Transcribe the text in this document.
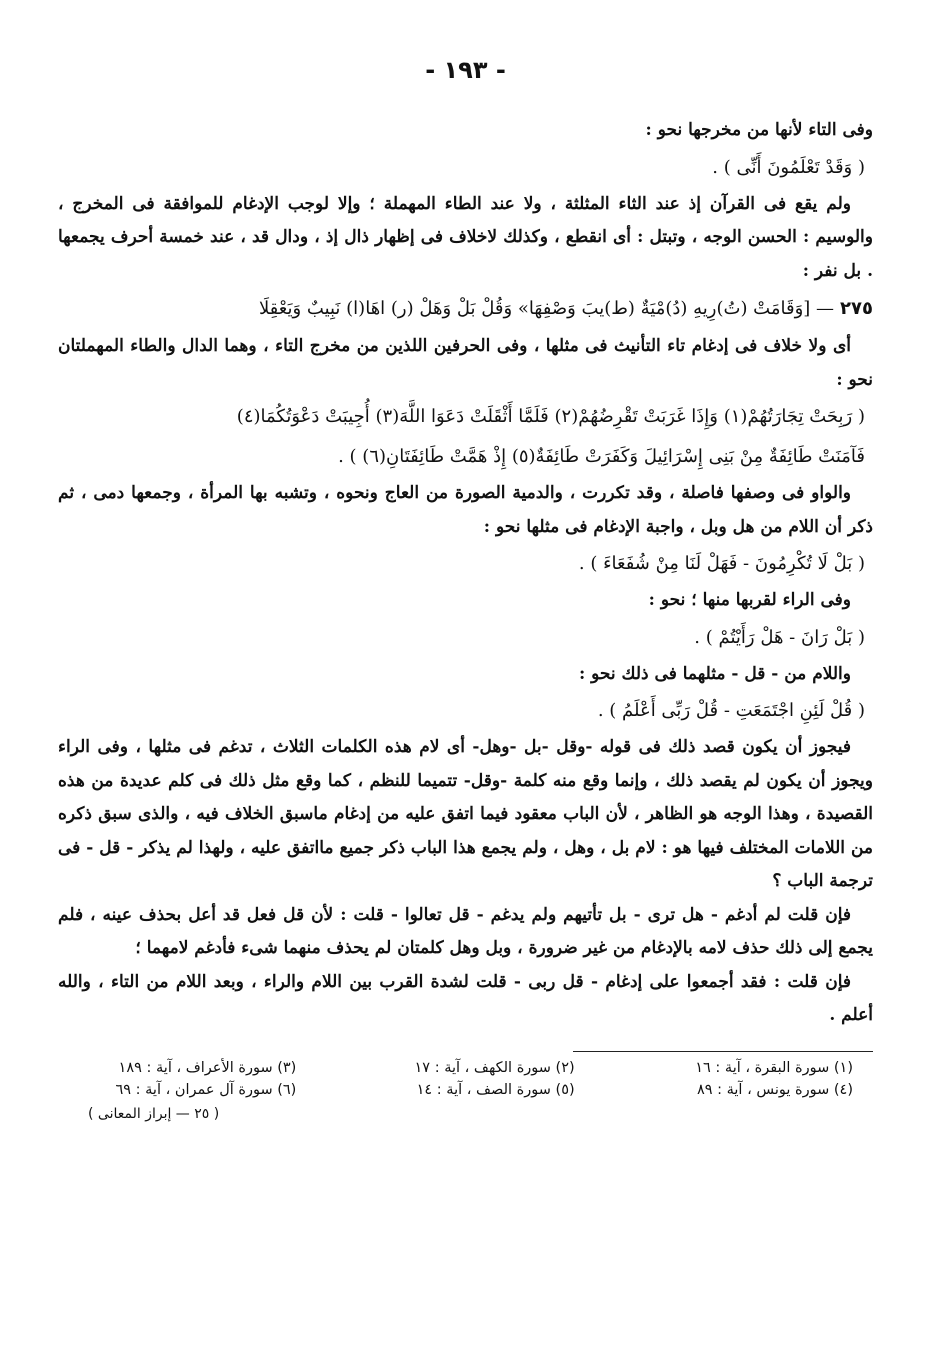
- ١٩٣ -

وفى التاء لأنها من مخرجها نحو :

( وَقَدْ تَعْلَمُونَ أَنِّى ) .

ولم يقع فى القرآن إذ عند الثاء المثلثة ، ولا عند الطاء المهملة ؛ وإلا لوجب الإدغام للموافقة فى المخرج ، والوسيم : الحسن الوجه ، وتبتل : أى انقطع ، وكذلك لاخلاف فى إظهار ذال إذ ، ودال قد ، عند خمسة أحرف يجمعها . بل نفر :

٢٧٥— [وَقَامَتْ (تُ)رِيهِ (دُ)مْيَةٌ (ط)يبَ وَصْفِهَا» وَقُلْ بَلْ وَهَلْ (ر) اهَا(ا) نَبِيبٌ وَيَعْقِلَا

أى ولا خلاف فى إدغام تاء التأنيث فى مثلها ، وفى الحرفين اللذين من مخرج التاء ، وهما الدال والطاء المهملتان نحو :

( رَبِحَتْ تِجَارَتُهُمْ(١) وَإِذَا غَرَبَتْ تَقْرِضُهُمْ(٢) فَلَمَّا أَثْقَلَتْ دَعَوَا اللَّهَ(٣) أُجِيبَتْ دَعْوَتُكُمَا(٤)

فَآمَنَتْ طَائِفَةٌ مِنْ بَنِى إِسْرَائِيلَ وَكَفَرَتْ طَائِفَةٌ(٥) إِذْ هَمَّتْ طَائِفَتَانِ(٦) ) .

والواو فى وصفها فاصلة ، وقد تكررت ، والدمية الصورة من العاج ونحوه ، وتشبه بها المرأة ، وجمعها دمى ، ثم ذكر أن اللام من هل وبل ، واجبة الإدغام فى مثلها نحو :

( بَلْ لَا تُكْرِمُونَ - فَهَلْ لَنَا مِنْ شُفَعَاءَ ) .

وفى الراء لقربها منها ؛ نحو :

( بَلْ رَانَ - هَلْ رَأَيْتُمْ ) .

واللام من - قل - مثلهما فى ذلك نحو :

( قُلْ لَئِنِ اجْتَمَعَتِ - قُلْ رَبِّى أَعْلَمُ ) .

فيجوز أن يكون قصد ذلك فى قوله -وقل -بل -وهل- أى لام هذه الكلمات الثلاث ، تدغم فى مثلها ، وفى الراء ويجوز أن يكون لم يقصد ذلك ، وإنما وقع منه كلمة -وقل- تتميما للنظم ، كما وقع مثل ذلك فى كلم عديدة من هذه القصيدة ، وهذا الوجه هو الظاهر ، لأن الباب معقود فيما اتفق عليه من إدغام ماسبق الخلاف فيه ، والذى سبق ذكره من اللامات المختلف فيها هو : لام بل ، وهل ، ولم يجمع هذا الباب ذكر جميع مااتفق عليه ، ولهذا لم يذكر - قل - فى ترجمة الباب ؟

فإن قلت لم أدغم - هل ترى - بل تأتيهم ولم يدغم - قل تعالوا - قلت : لأن قل فعل قد أعل بحذف عينه ، فلم يجمع إلى ذلك حذف لامه بالإدغام من غير ضرورة ، وبل وهل كلمتان لم يحذف منهما شىء فأدغم لامهما ؛

فإن قلت : فقد أجمعوا على إدغام - قل ربى - قلت لشدة القرب بين اللام والراء ، وبعد اللام من التاء ، والله أعلم .

(١) سورة البقرة ، آية : ١٦
(٢) سورة الكهف ، آية : ١٧
(٣) سورة الأعراف ، آية : ١٨٩
(٤) سورة يونس ، آية : ٨٩
(٥) سورة الصف ، آية : ١٤
(٦) سورة آل عمران ، آية : ٦٩
( ٢٥ — إبراز المعانى )
